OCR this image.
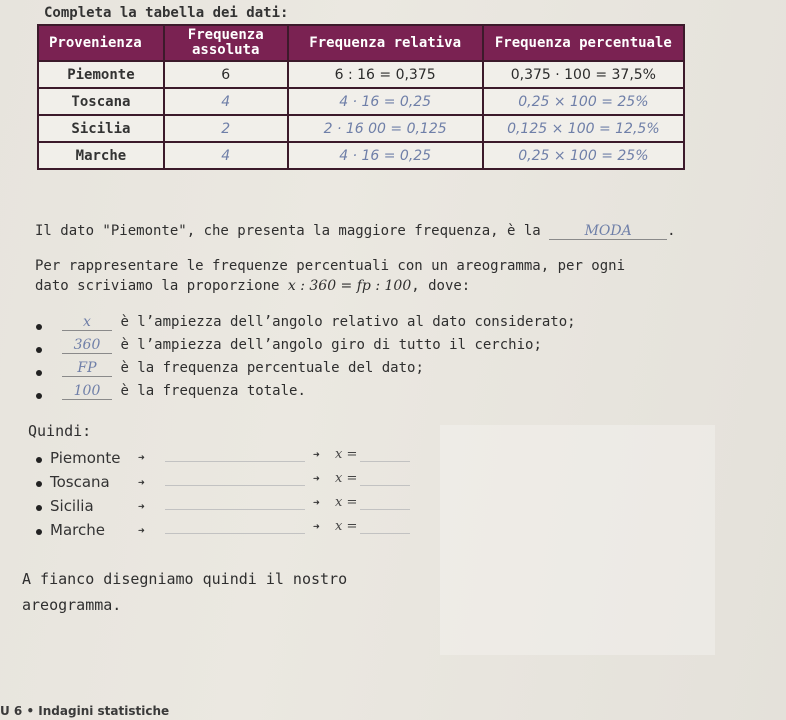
Completa la tabella dei dati:
Provenienza	Frequenza assoluta	Frequenza relativa	Frequenza percentuale
Piemonte	6	6 : 16 = 0,375	0,375 · 100 = 37,5%
Toscana	4	4 · 16 = 0,25	0,25 × 100 = 25%
Sicilia	2	2 · 16 00 = 0,125	0,125 × 100 = 12,5%
Marche	4	4 · 16 = 0,25	0,25 × 100 = 25%
Il dato "Piemonte", che presenta la maggiore frequenza, è la	MODA	.
Per rappresentare le frequenze percentuali con un areogramma, per ogni
dato scriviamo la proporzione x : 360 = fp : 100, dove:
x è l’ampiezza dell’angolo relativo al dato considerato;
360 è l’ampiezza dell’angolo giro di tutto il cerchio;
FP è la frequenza percentuale del dato;
100 è la frequenza totale.
Quindi:
Piemonte ➜	➜ x =
Toscana	➜	➜ x =
Sicilia	➜	➜ x =
Marche	➜	➜ x =
A fianco disegniamo quindi il nostro
areogramma.
U 6 • Indagini statistiche
